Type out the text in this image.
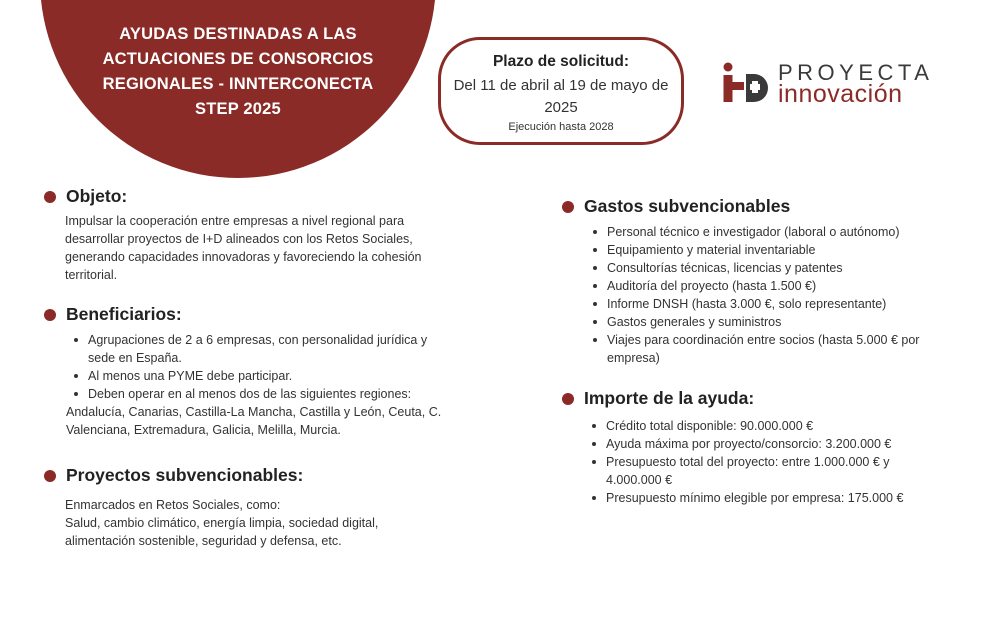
AYUDAS DESTINADAS A LAS
ACTUACIONES DE CONSORCIOS
REGIONALES - INNTERCONECTA
STEP 2025
Plazo de solicitud:
Del 11 de abril al 19 de mayo de 2025
Ejecución hasta 2028
PROYECTA
innovación
Objeto:
Impulsar la cooperación entre empresas a nivel regional para desarrollar proyectos de I+D alineados con los Retos Sociales, generando capacidades innovadoras y favoreciendo la cohesión territorial.
Beneficiarios:
Agrupaciones de 2 a 6 empresas, con personalidad jurídica y sede en España.
Al menos una PYME debe participar.
Deben operar en al menos dos de las siguientes regiones:
Andalucía, Canarias, Castilla-La Mancha, Castilla y León, Ceuta, C. Valenciana, Extremadura, Galicia, Melilla, Murcia.
Proyectos subvencionables:
Enmarcados en Retos Sociales, como:
Salud, cambio climático, energía limpia, sociedad digital, alimentación sostenible, seguridad y defensa, etc.
Gastos subvencionables
Personal técnico e investigador (laboral o autónomo)
Equipamiento y material inventariable
Consultorías técnicas, licencias y patentes
Auditoría del proyecto (hasta 1.500 €)
Informe DNSH (hasta 3.000 €, solo representante)
Gastos generales y suministros
Viajes para coordinación entre socios (hasta 5.000 € por empresa)
Importe de la ayuda:
Crédito total disponible: 90.000.000 €
Ayuda máxima por proyecto/consorcio: 3.200.000 €
Presupuesto total del proyecto: entre 1.000.000 € y 4.000.000 €
Presupuesto mínimo elegible por empresa: 175.000 €
